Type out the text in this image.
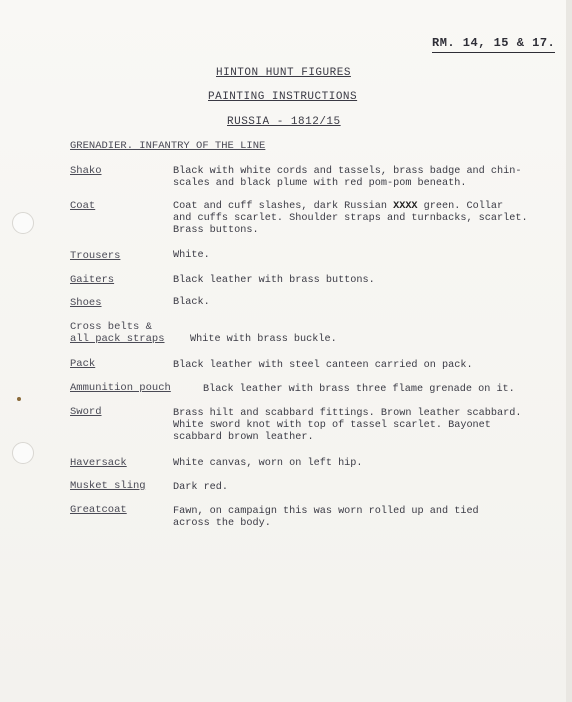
RM. 14, 15 & 17.
HINTON HUNT FIGURES
PAINTING INSTRUCTIONS
RUSSIA - 1812/15
GRENADIER. INFANTRY OF THE LINE
Shako	Black with white cords and tassels, brass badge and chin-
scales and black plume with red pom-pom beneath.
Coat	Coat and cuff slashes, dark Russian XXXX green. Collar
and cuffs scarlet. Shoulder straps and turnbacks, scarlet.
Brass buttons.
Trousers	White.
Gaiters	Black leather with brass buttons.
Shoes	Black.
Cross belts &
all pack straps White with brass buckle.
Pack	Black leather with steel canteen carried on pack.
Ammunition pouch	Black leather with brass three flame grenade on it.
Sword	Brass hilt and scabbard fittings. Brown leather scabbard.
White sword knot with top of tassel scarlet. Bayonet
scabbard brown leather.
Haversack	White canvas, worn on left hip.
Musket sling	Dark red.
Greatcoat	Fawn, on campaign this was worn rolled up and tied
across the body.
